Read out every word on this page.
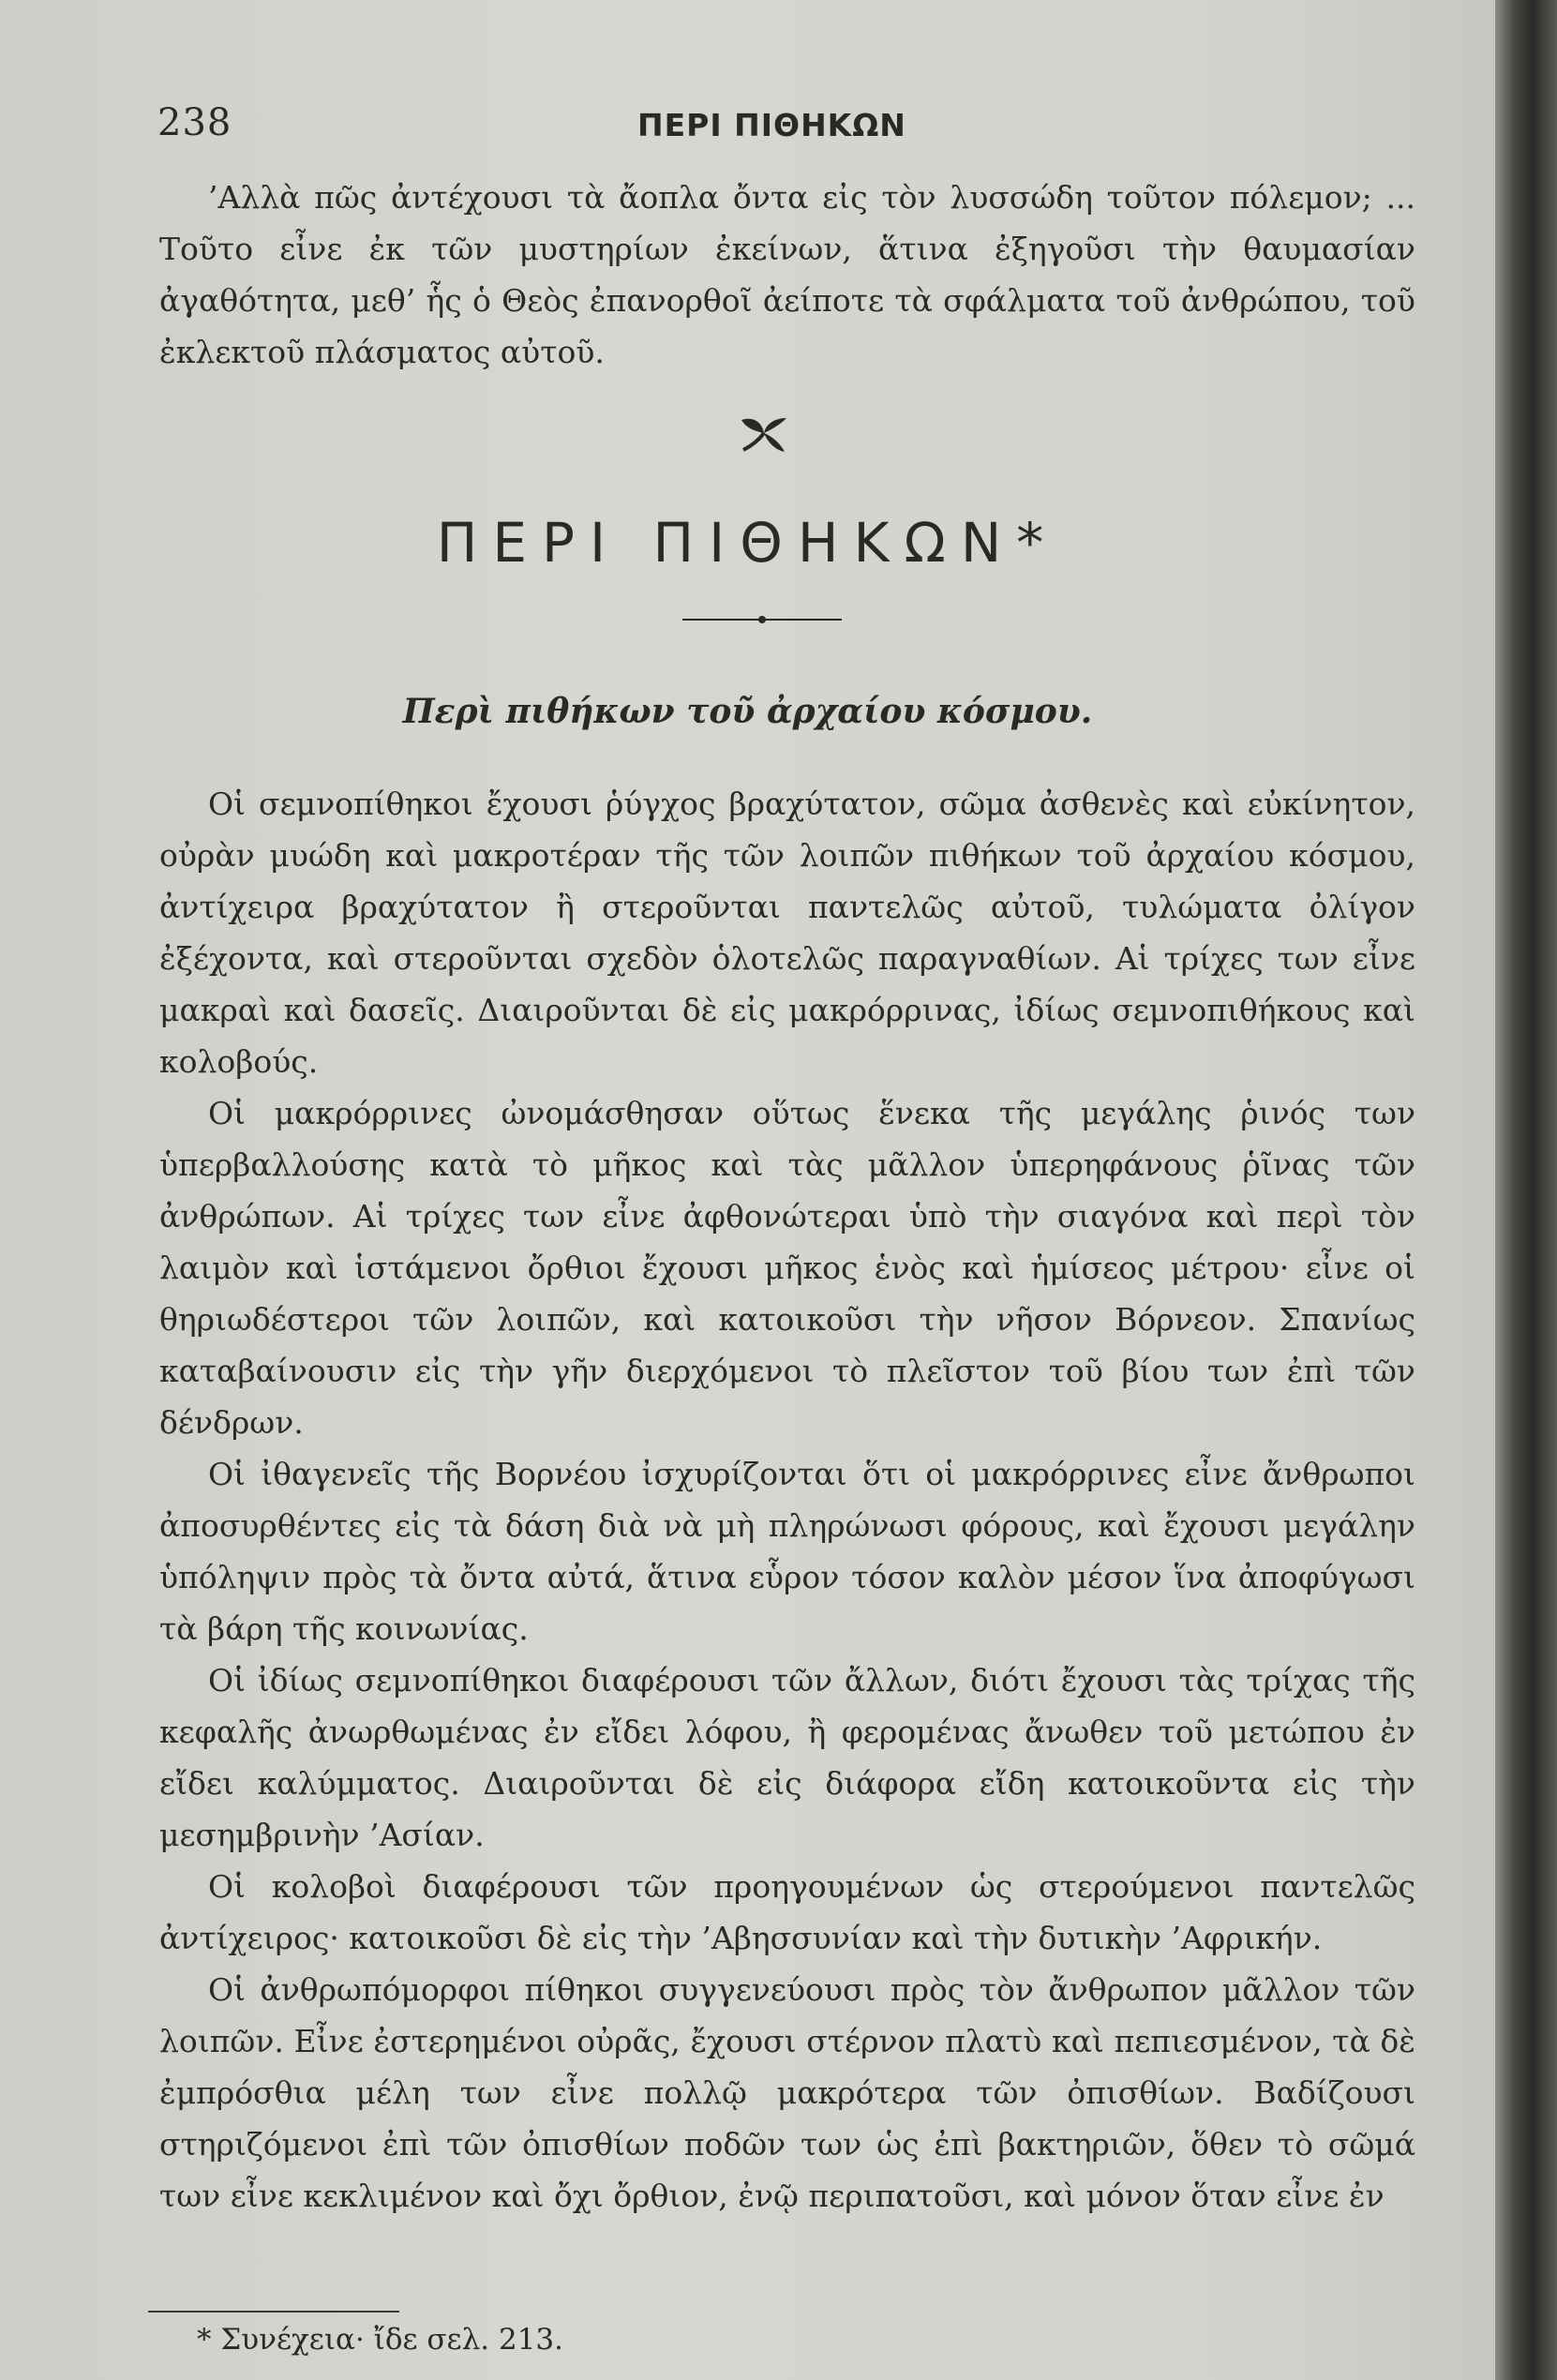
238	ΠΕΡΙ ΠΙΘΗΚΩΝ
’Αλλὰ πῶς ἀντέχουσι τὰ ἄοπλα ὄντα εἰς τὸν λυσσώδη τοῦτον πόλεμον; ... Τοῦτο εἶνε ἐκ τῶν μυστηρίων ἐκείνων, ἅτινα ἐξηγοῦσι τὴν θαυμασίαν ἀγαθότητα, μεθ’ ἧς ὁ Θεὸς ἐπανορθοῖ ἀείποτε τὰ σφάλματα τοῦ ἀνθρώπου, τοῦ ἐκλεκτοῦ πλάσματος αὐτοῦ.
ΠΕΡΙ ΠΙΘΗΚΩΝ*
Περὶ πιθήκων τοῦ ἀρχαίου κόσμου.

Οἱ σεμνοπίθηκοι ἔχουσι ῥύγχος βραχύτατον, σῶμα ἀσθενὲς καὶ εὐκίνητον, οὐρὰν μυώδη καὶ μακροτέραν τῆς τῶν λοιπῶν πιθήκων τοῦ ἀρχαίου κόσμου, ἀντίχειρα βραχύτατον ἢ στεροῦνται παντελῶς αὐτοῦ, τυλώματα ὀλίγον ἐξέχοντα, καὶ στεροῦνται σχεδὸν ὁλοτελῶς παραγναθίων. Αἱ τρίχες των εἶνε μακραὶ καὶ δασεῖς. Διαιροῦνται δὲ εἰς μακρόρρινας, ἰδίως σεμνοπιθήκους καὶ κολοβούς.

Οἱ μακρόρρινες ὠνομάσθησαν οὕτως ἕνεκα τῆς μεγάλης ῥινός των ὑπερβαλλούσης κατὰ τὸ μῆκος καὶ τὰς μᾶλλον ὑπερηφάνους ῥῖνας τῶν ἀνθρώπων. Αἱ τρίχες των εἶνε ἀφθονώτεραι ὑπὸ τὴν σιαγόνα καὶ περὶ τὸν λαιμὸν καὶ ἱστάμενοι ὄρθιοι ἔχουσι μῆκος ἑνὸς καὶ ἡμίσεος μέτρου· εἶνε οἱ θηριωδέστεροι τῶν λοιπῶν, καὶ κατοικοῦσι τὴν νῆσον Βόρνεον. Σπανίως καταβαίνουσιν εἰς τὴν γῆν διερχόμενοι τὸ πλεῖστον τοῦ βίου των ἐπὶ τῶν δένδρων.

Οἱ ἰθαγενεῖς τῆς Βορνέου ἰσχυρίζονται ὅτι οἱ μακρόρρινες εἶνε ἄνθρωποι ἀποσυρθέντες εἰς τὰ δάση διὰ νὰ μὴ πληρώνωσι φόρους, καὶ ἔχουσι μεγάλην ὑπόληψιν πρὸς τὰ ὄντα αὐτά, ἅτινα εὗρον τόσον καλὸν μέσον ἵνα ἀποφύγωσι τὰ βάρη τῆς κοινωνίας.

Οἱ ἰδίως σεμνοπίθηκοι διαφέρουσι τῶν ἄλλων, διότι ἔχουσι τὰς τρίχας τῆς κεφαλῆς ἀνωρθωμένας ἐν εἴδει λόφου, ἢ φερομένας ἄνωθεν τοῦ μετώπου ἐν εἴδει καλύμματος. Διαιροῦνται δὲ εἰς διάφορα εἴδη κατοικοῦντα εἰς τὴν μεσημβρινὴν ’Ασίαν.

Οἱ κολοβοὶ διαφέρουσι τῶν προηγουμένων ὡς στερούμενοι παντελῶς ἀντίχειρος· κατοικοῦσι δὲ εἰς τὴν ’Αβησσυνίαν καὶ τὴν δυτικὴν ’Αφρικήν.

Οἱ ἀνθρωπόμορφοι πίθηκοι συγγενεύουσι πρὸς τὸν ἄνθρωπον μᾶλλον τῶν λοιπῶν. Εἶνε ἐστερημένοι οὐρᾶς, ἔχουσι στέρνον πλατὺ καὶ πεπιεσμένον, τὰ δὲ ἐμπρόσθια μέλη των εἶνε πολλῷ μακρότερα τῶν ὀπισθίων. Βαδίζουσι στηριζόμενοι ἐπὶ τῶν ὀπισθίων ποδῶν των ὡς ἐπὶ βακτηριῶν, ὅθεν τὸ σῶμά των εἶνε κεκλιμένον καὶ ὄχι ὄρθιον, ἐνῷ περιπατοῦσι, καὶ μόνον ὅταν εἶνε ἐν

* Συνέχεια· ἴδε σελ. 213.
